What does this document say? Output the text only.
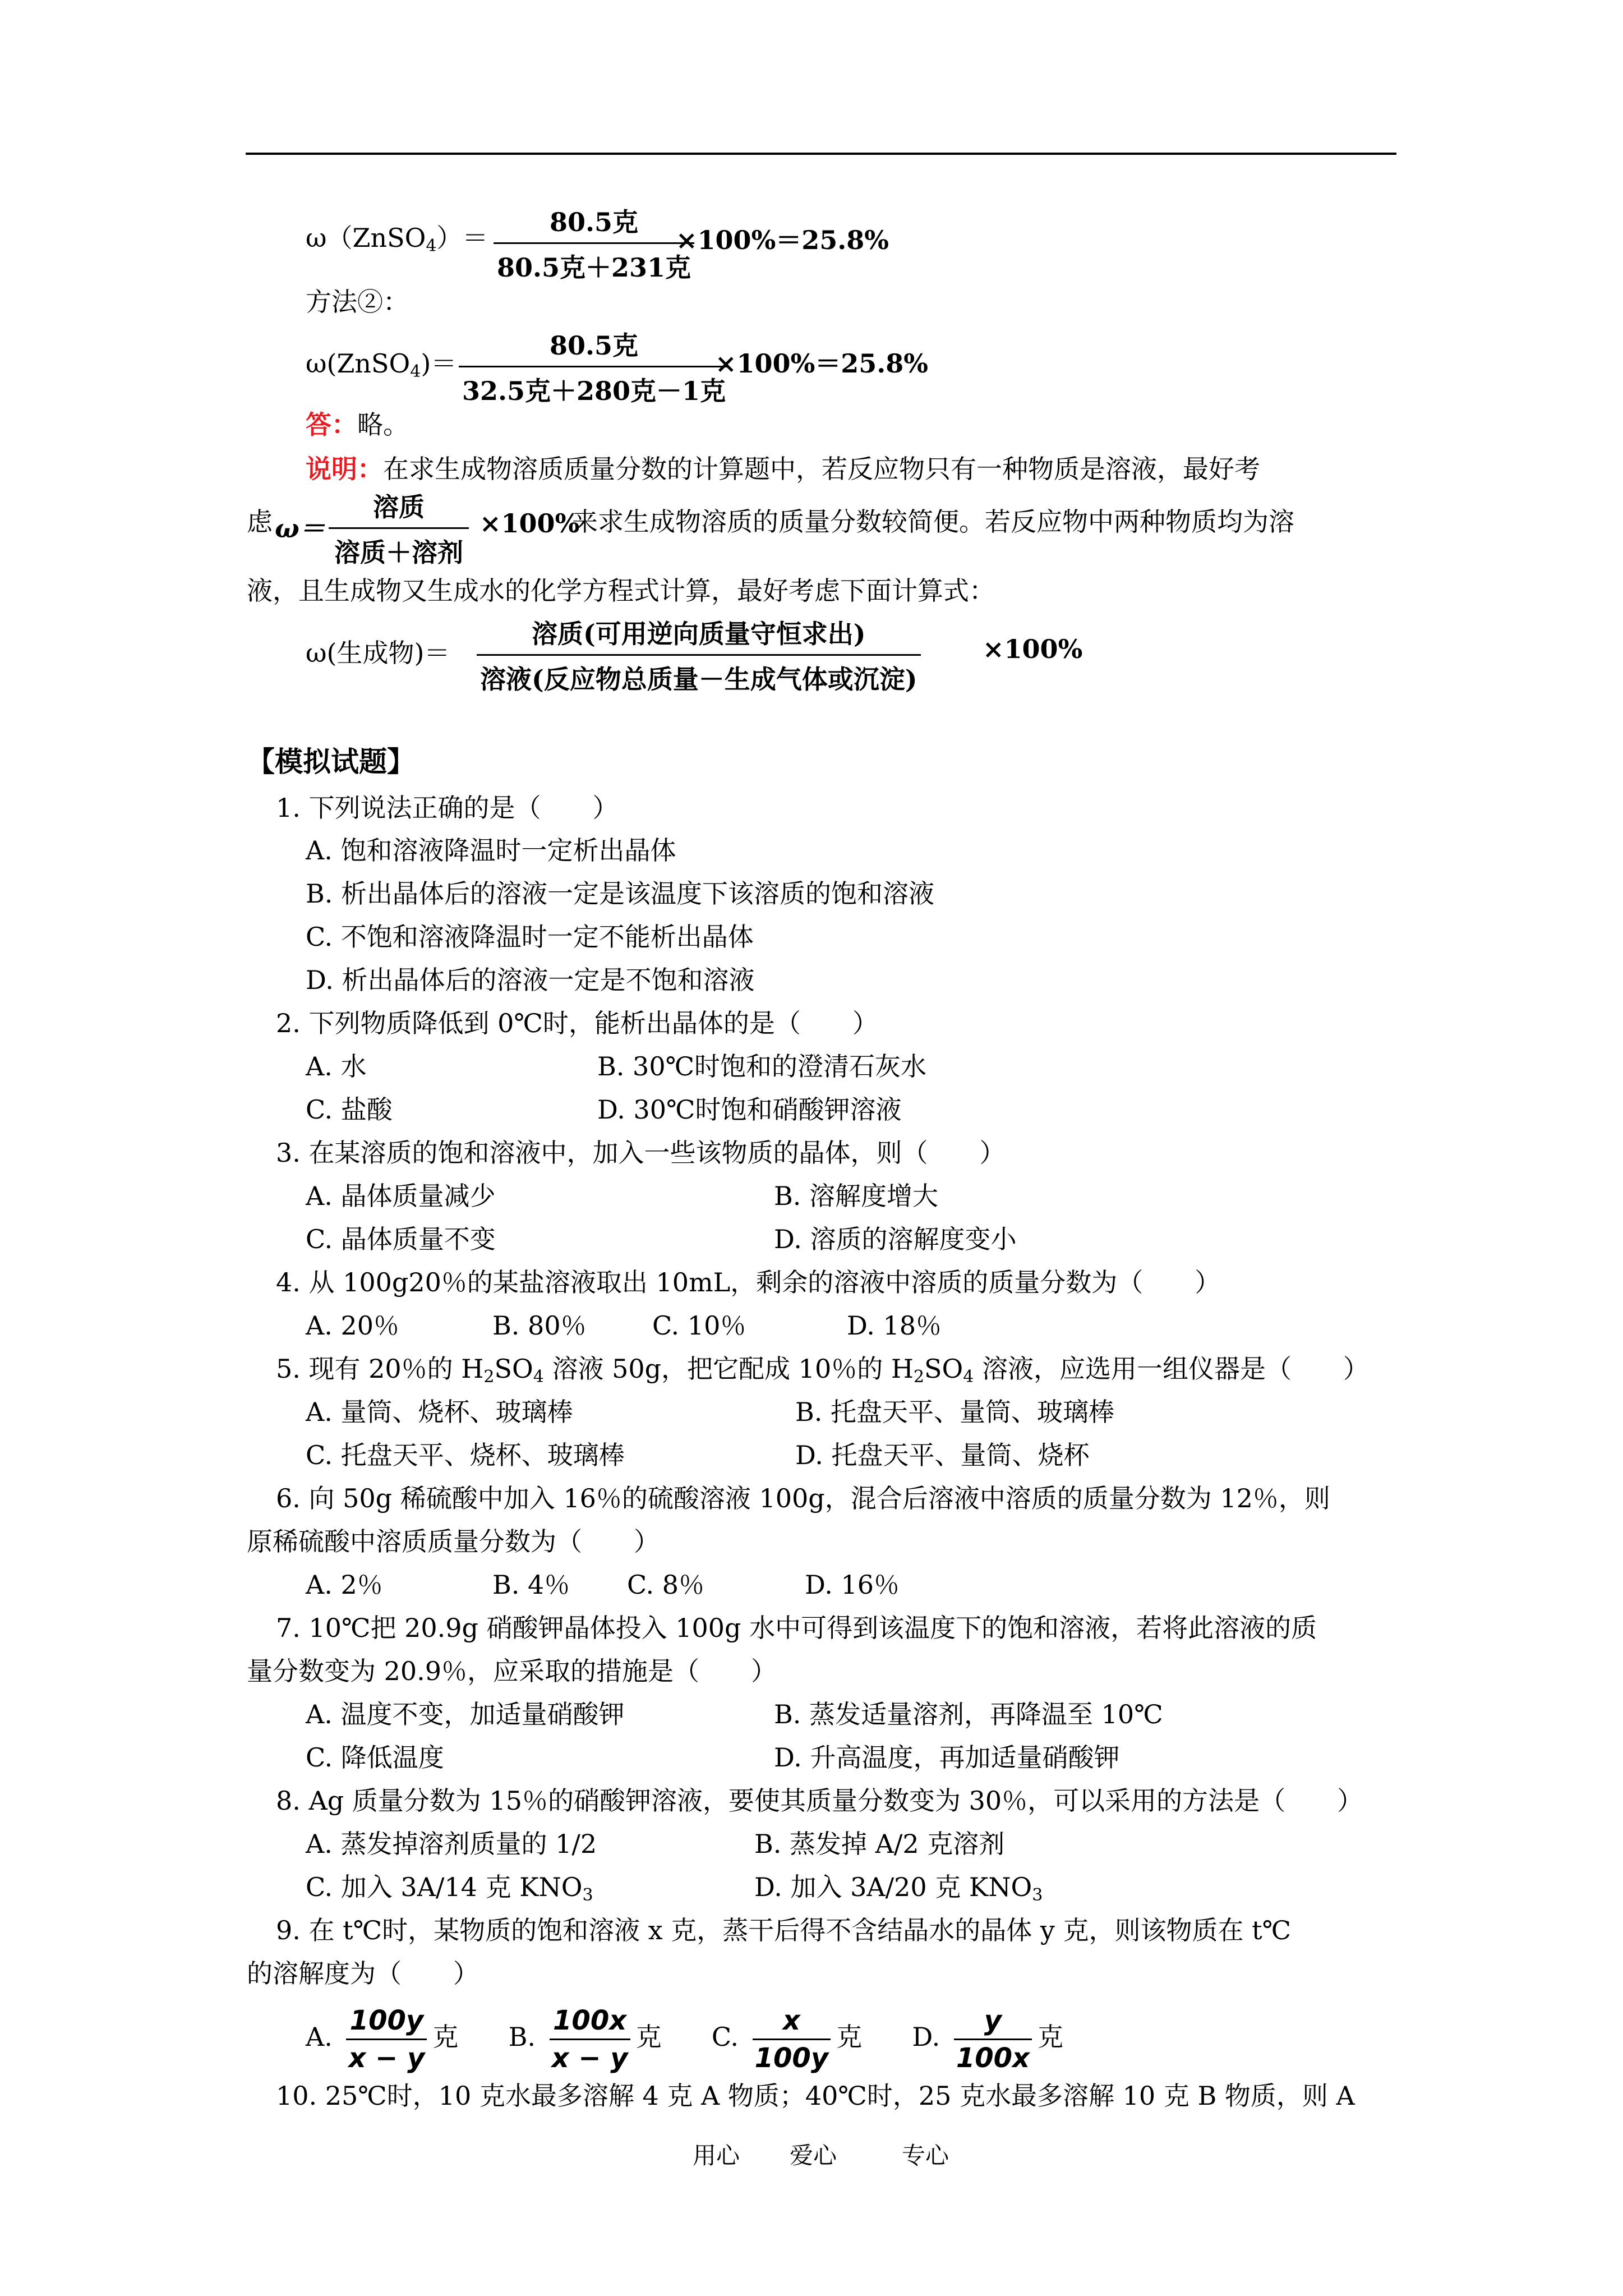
ω（ZnSO$_4$）＝
80.5克
80.5克＋231克
×100%＝25.8%
方法②：
ω(ZnSO$_4$)＝
80.5克
32.5克＋280克－1克
×100%＝25.8%
答：略。
说明：在求生成物溶质质量分数的计算题中，若反应物只有一种物质是溶液，最好考
虑 ω＝
溶质
溶质＋溶剂
×100%
来求生成物溶质的质量分数较简便。若反应物中两种物质均为溶
液，且生成物又生成水的化学方程式计算，最好考虑下面计算式：
ω(生成物)＝
溶质(可用逆向质量守恒求出)
溶液(反应物总质量－生成气体或沉淀)
×100%
【模拟试题】
1. 下列说法正确的是（　　）
A. 饱和溶液降温时一定析出晶体
B. 析出晶体后的溶液一定是该温度下该溶质的饱和溶液
C. 不饱和溶液降温时一定不能析出晶体
D. 析出晶体后的溶液一定是不饱和溶液
2. 下列物质降低到 0℃时，能析出晶体的是（　　）
A. 水	B. 30℃时饱和的澄清石灰水
C. 盐酸	D. 30℃时饱和硝酸钾溶液
3. 在某溶质的饱和溶液中，加入一些该物质的晶体，则（　　）
A. 晶体质量减少	B. 溶解度增大
C. 晶体质量不变	D. 溶质的溶解度变小
4. 从 100g20％的某盐溶液取出 10mL，剩余的溶液中溶质的质量分数为（　　）
A. 20％	B. 80％	C. 10％	D. 18％
5. 现有 20％的 $H_2SO_4$ 溶液 50g，把它配成 10％的 $H_2SO_4$ 溶液，应选用一组仪器是（　　）
A. 量筒、烧杯、玻璃棒	B. 托盘天平、量筒、玻璃棒
C. 托盘天平、烧杯、玻璃棒	D. 托盘天平、量筒、烧杯
6. 向 50g 稀硫酸中加入 16％的硫酸溶液 100g，混合后溶液中溶质的质量分数为 12％，则
原稀硫酸中溶质质量分数为（　　）
A. 2％	B. 4％ C. 8％	D. 16％
7. 10℃把 20.9g 硝酸钾晶体投入 100g 水中可得到该温度下的饱和溶液，若将此溶液的质
量分数变为 20.9％，应采取的措施是（　　）
A. 温度不变，加适量硝酸钾	B. 蒸发适量溶剂，再降温至 10℃
C. 降低温度	D. 升高温度，再加适量硝酸钾
8. Ag 质量分数为 15％的硝酸钾溶液，要使其质量分数变为 30％，可以采用的方法是（　　）
A. 蒸发掉溶剂质量的 1/2	B. 蒸发掉 A/2 克溶剂
C. 加入 3A/14 克 $KNO_3$	D. 加入 3A/20 克 $KNO_3$
9. 在 t℃时，某物质的饱和溶液 x 克，蒸干后得不含结晶水的晶体 y 克，则该物质在 t℃
的溶解度为（　　）
A. $\frac{100y}{x - y}$ 克 B. $\frac{100x}{x - y}$ 克 C. $\frac{x}{100y}$ 克 D. $\frac{y}{100x}$ 克
10. 25℃时，10 克水最多溶解 4 克 A 物质；40℃时，25 克水最多溶解 10 克 B 物质，则 A
用心 爱心	专心
